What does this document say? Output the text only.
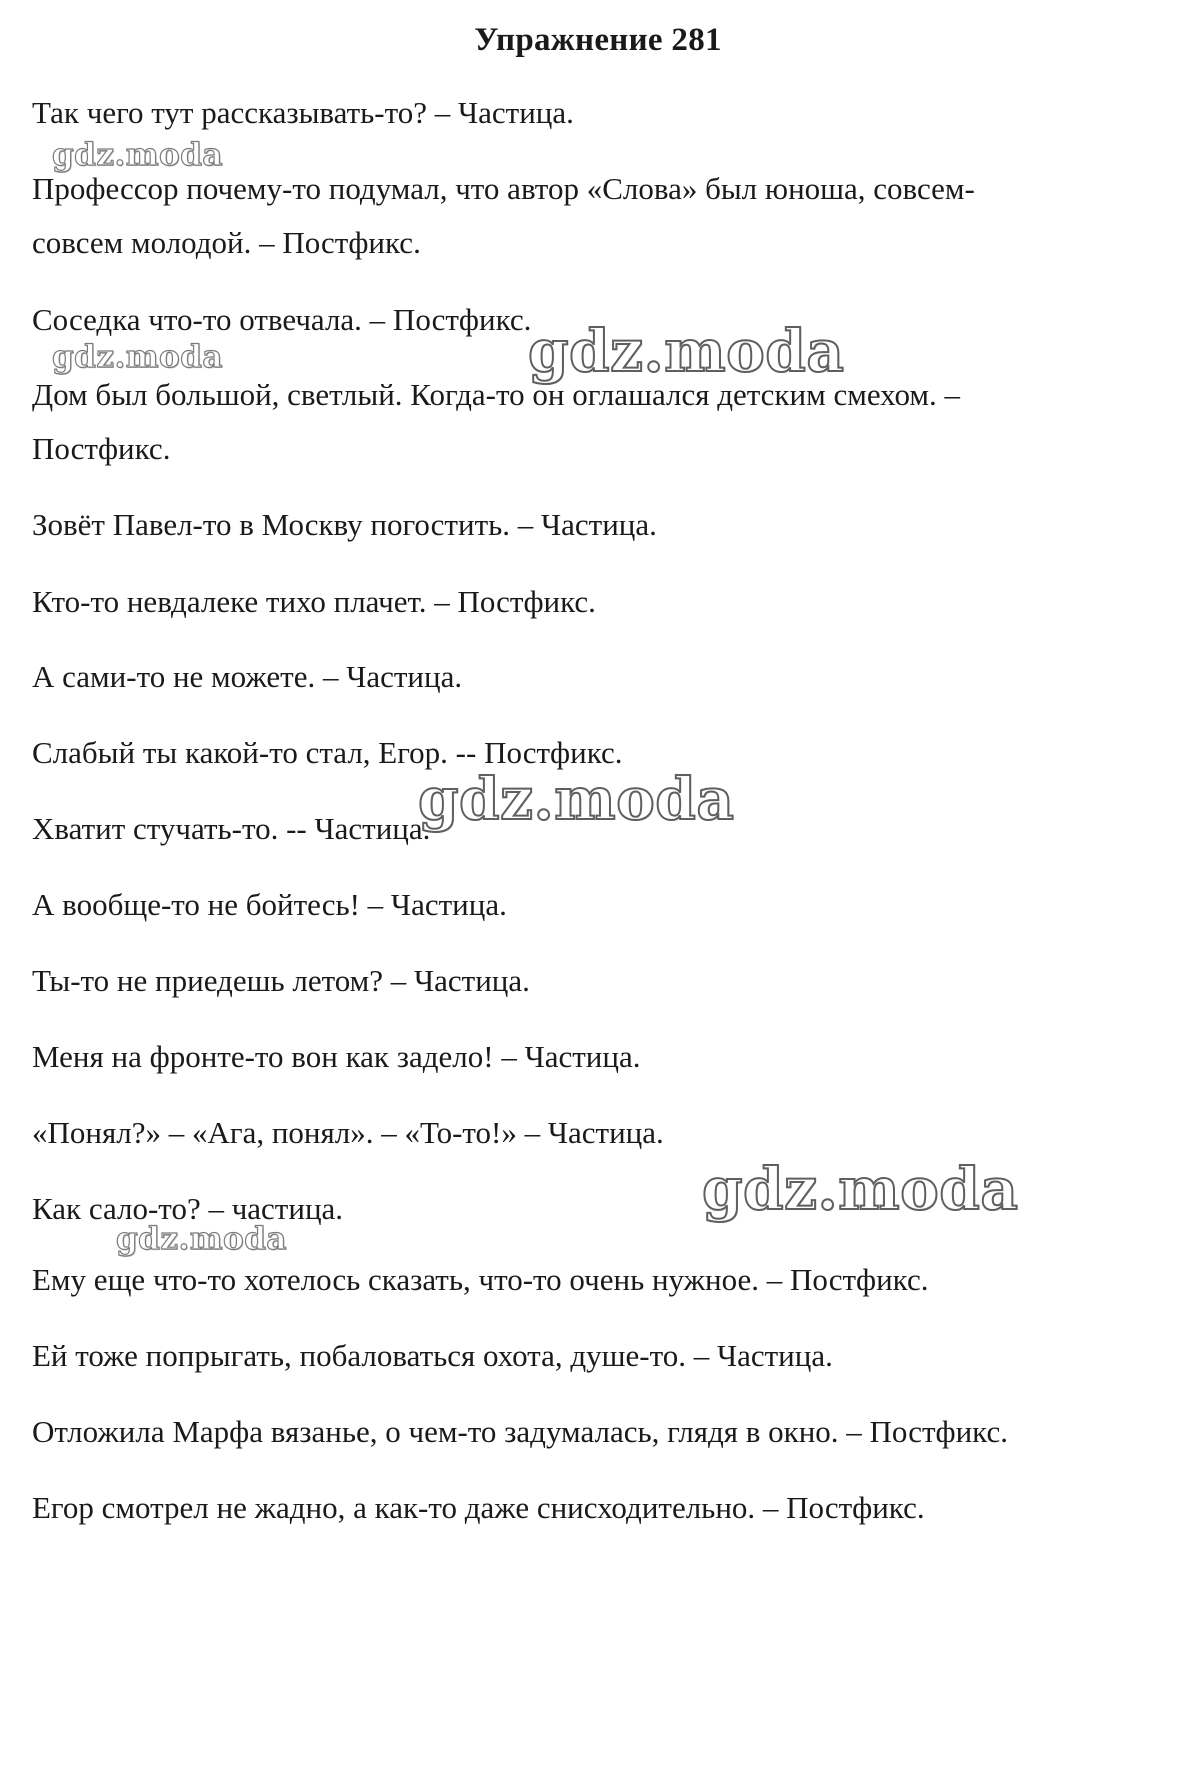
Упражнение 281

Так чего тут рассказывать-то? – Частица.

Профессор почему-то подумал, что автор «Слова» был юноша, совсем-

совсем молодой. – Постфикс.

Соседка что-то отвечала. – Постфикс.

Дом был большой, светлый. Когда-то он оглашался детским смехом. –

Постфикс.

Зовёт Павел-то в Москву погостить. – Частица.

Кто-то невдалеке тихо плачет. – Постфикс.

А сами-то не можете. – Частица.

Слабый ты какой-то стал, Егор. -- Постфикс.

Хватит стучать-то. -- Частица.

А вообще-то не бойтесь! – Частица.

Ты-то не приедешь летом? – Частица.

Меня на фронте-то вон как задело! – Частица.

«Понял?» – «Ага, понял». – «То-то!» – Частица.

Как сало-то? – частица.

Ему еще что-то хотелось сказать, что-то очень нужное. – Постфикс.

Ей тоже попрыгать, побаловаться охота, душе-то. – Частица.

Отложила Марфа вязанье, о чем-то задумалась, глядя в окно. – Постфикс.

Егор смотрел не жадно, а как-то даже снисходительно. – Постфикс.

gdz.moda
gdz.moda	gdz.moda
gdz.moda
gdz.moda
gdz.moda
